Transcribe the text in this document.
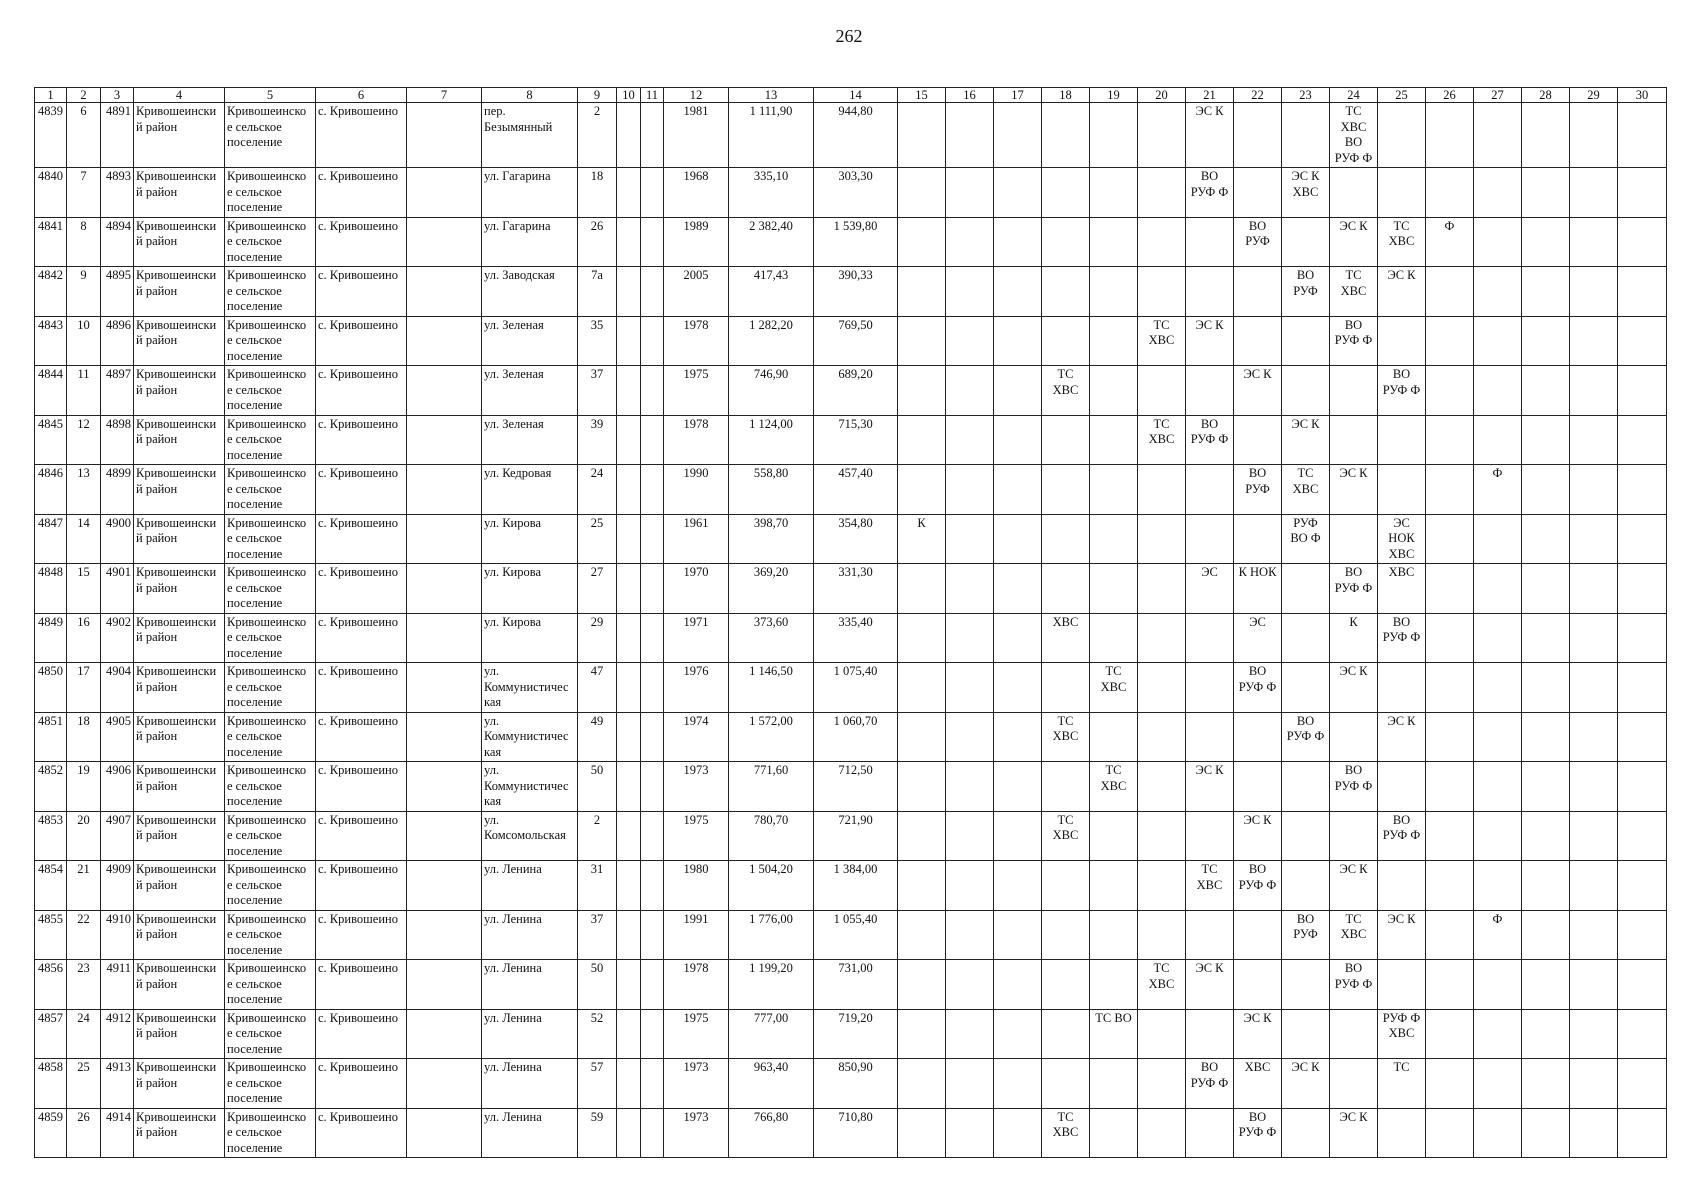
262
1	2	3	4	5	6	7	8	9	10	11	12	13	14	15	16	17	18	19	20	21	22	23	24	25	26	27	28	29	30
4839	6	4891	Кривошеински й район	Кривошеинско е сельское поселение	с. Кривошеино		пер. Безымянный	2			1981	1 111,90	944,80							ЭС К			ТС ХВС ВО РУФ Ф						
4840	7	4893	Кривошеински й район	Кривошеинско е сельское поселение	с. Кривошеино		ул. Гагарина	18			1968	335,10	303,30							ВО РУФ Ф		ЭС К ХВС							
4841	8	4894	Кривошеински й район	Кривошеинско е сельское поселение	с. Кривошеино		ул. Гагарина	26			1989	2 382,40	1 539,80								ВО РУФ		ЭС К	ТС ХВС	Ф				
4842	9	4895	Кривошеински й район	Кривошеинско е сельское поселение	с. Кривошеино		ул. Заводская	7а			2005	417,43	390,33									ВО РУФ	ТС ХВС	ЭС К					
4843	10	4896	Кривошеински й район	Кривошеинско е сельское поселение	с. Кривошеино		ул. Зеленая	35			1978	1 282,20	769,50						ТС ХВС	ЭС К			ВО РУФ Ф						
4844	11	4897	Кривошеински й район	Кривошеинско е сельское поселение	с. Кривошеино		ул. Зеленая	37			1975	746,90	689,20				ТС ХВС				ЭС К			ВО РУФ Ф					
4845	12	4898	Кривошеински й район	Кривошеинско е сельское поселение	с. Кривошеино		ул. Зеленая	39			1978	1 124,00	715,30						ТС ХВС	ВО РУФ Ф		ЭС К							
4846	13	4899	Кривошеински й район	Кривошеинско е сельское поселение	с. Кривошеино		ул. Кедровая	24			1990	558,80	457,40								ВО РУФ	ТС ХВС	ЭС К			Ф			
4847	14	4900	Кривошеински й район	Кривошеинско е сельское поселение	с. Кривошеино		ул. Кирова	25			1961	398,70	354,80	К								РУФ ВО Ф		ЭС НОК ХВС					
4848	15	4901	Кривошеински й район	Кривошеинско е сельское поселение	с. Кривошеино		ул. Кирова	27			1970	369,20	331,30							ЭС	К НОК		ВО РУФ Ф	ХВС					
4849	16	4902	Кривошеински й район	Кривошеинско е сельское поселение	с. Кривошеино		ул. Кирова	29			1971	373,60	335,40				ХВС				ЭС		К	ВО РУФ Ф					
4850	17	4904	Кривошеински й район	Кривошеинско е сельское поселение	с. Кривошеино		ул. Коммунистичес кая	47			1976	1 146,50	1 075,40					ТС ХВС			ВО РУФ Ф		ЭС К						
4851	18	4905	Кривошеински й район	Кривошеинско е сельское поселение	с. Кривошеино		ул. Коммунистичес кая	49			1974	1 572,00	1 060,70				ТС ХВС					ВО РУФ Ф		ЭС К					
4852	19	4906	Кривошеински й район	Кривошеинско е сельское поселение	с. Кривошеино		ул. Коммунистичес кая	50			1973	771,60	712,50					ТС ХВС		ЭС К			ВО РУФ Ф						
4853	20	4907	Кривошеински й район	Кривошеинско е сельское поселение	с. Кривошеино		ул. Комсомольская	2			1975	780,70	721,90				ТС ХВС				ЭС К			ВО РУФ Ф					
4854	21	4909	Кривошеински й район	Кривошеинско е сельское поселение	с. Кривошеино		ул. Ленина	31			1980	1 504,20	1 384,00							ТС ХВС	ВО РУФ Ф		ЭС К						
4855	22	4910	Кривошеински й район	Кривошеинско е сельское поселение	с. Кривошеино		ул. Ленина	37			1991	1 776,00	1 055,40									ВО РУФ	ТС ХВС	ЭС К		Ф			
4856	23	4911	Кривошеински й район	Кривошеинско е сельское поселение	с. Кривошеино		ул. Ленина	50			1978	1 199,20	731,00						ТС ХВС	ЭС К			ВО РУФ Ф						
4857	24	4912	Кривошеински й район	Кривошеинско е сельское поселение	с. Кривошеино		ул. Ленина	52			1975	777,00	719,20					ТС ВО			ЭС К			РУФ Ф ХВС					
4858	25	4913	Кривошеински й район	Кривошеинско е сельское поселение	с. Кривошеино		ул. Ленина	57			1973	963,40	850,90							ВО РУФ Ф	ХВС	ЭС К		ТС					
4859	26	4914	Кривошеински й район	Кривошеинско е сельское поселение	с. Кривошеино		ул. Ленина	59			1973	766,80	710,80				ТС ХВС				ВО РУФ Ф		ЭС К						
